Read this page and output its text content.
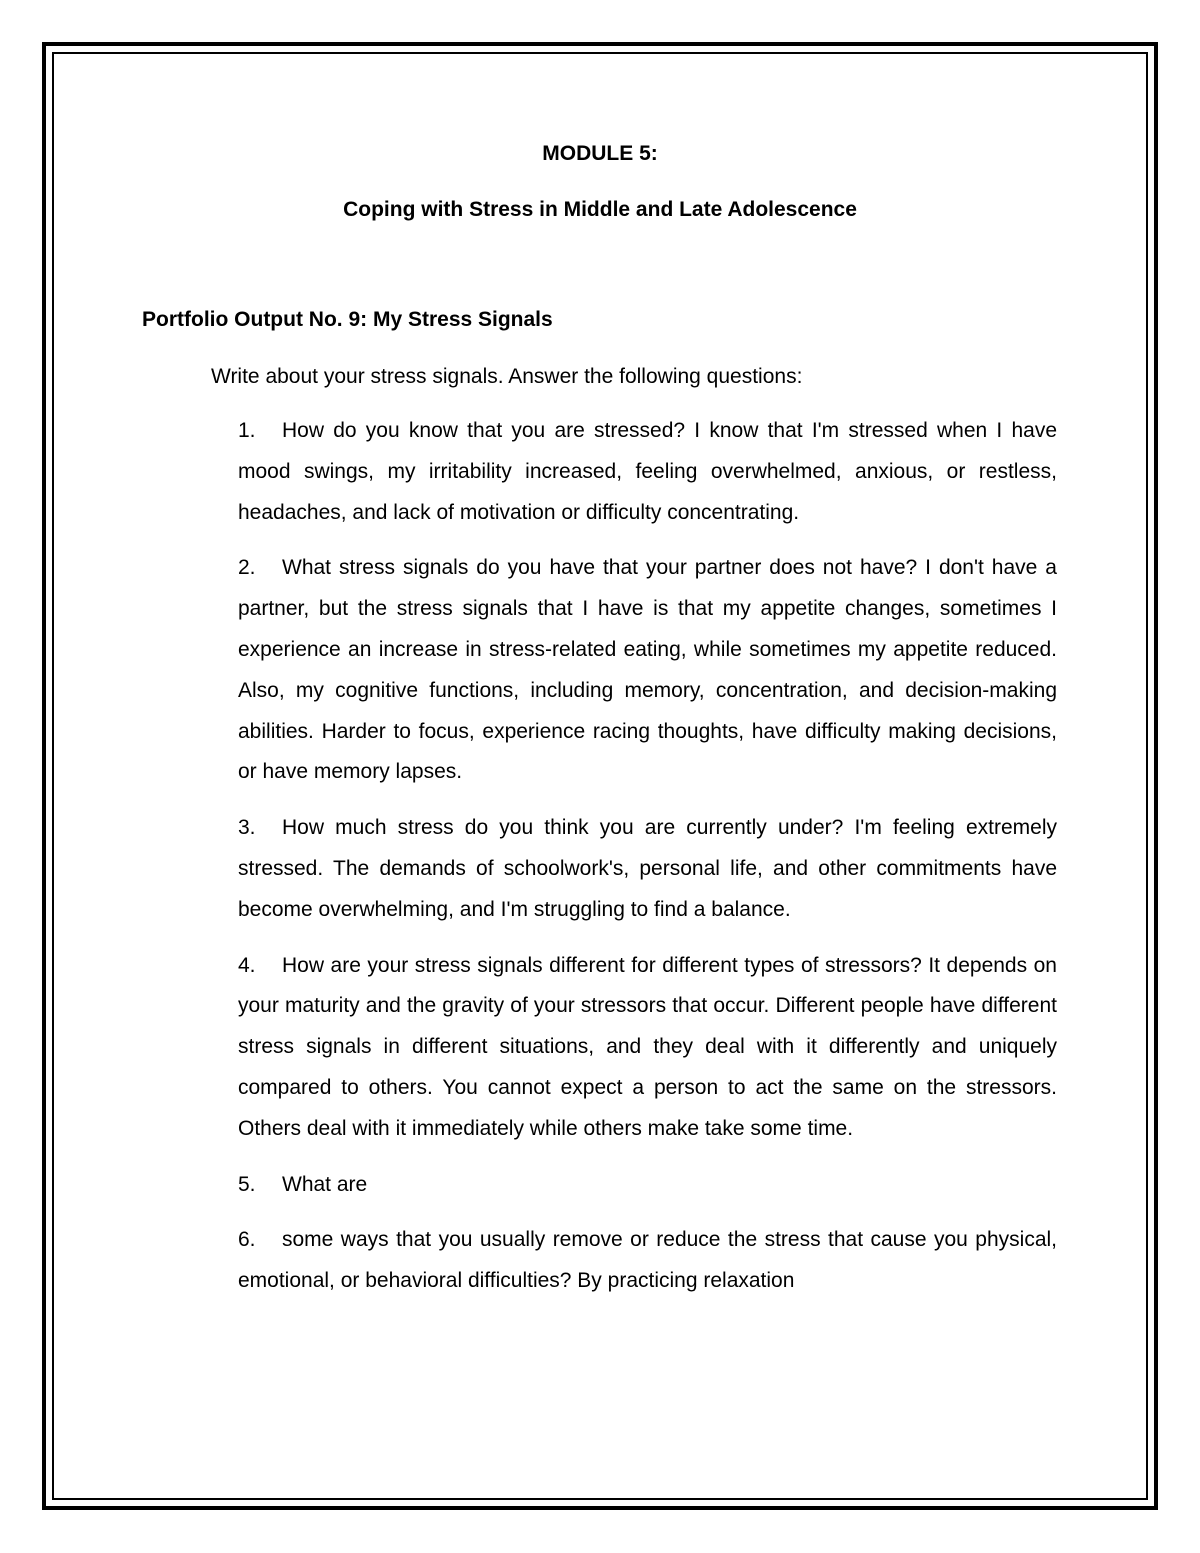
MODULE 5:
Coping with Stress in Middle and Late Adolescence
Portfolio Output No. 9: My Stress Signals

Write about your stress signals. Answer the following questions:

1. How do you know that you are stressed? I know that I'm stressed when I have mood swings, my irritability increased, feeling overwhelmed, anxious, or restless, headaches, and lack of motivation or difficulty concentrating.
2. What stress signals do you have that your partner does not have? I don't have a partner, but the stress signals that I have is that my appetite changes, sometimes I experience an increase in stress-related eating, while sometimes my appetite reduced. Also, my cognitive functions, including memory, concentration, and decision-making abilities. Harder to focus, experience racing thoughts, have difficulty making decisions, or have memory lapses.
3. How much stress do you think you are currently under? I'm feeling extremely stressed. The demands of schoolwork's, personal life, and other commitments have become overwhelming, and I'm struggling to find a balance.
4. How are your stress signals different for different types of stressors? It depends on your maturity and the gravity of your stressors that occur. Different people have different stress signals in different situations, and they deal with it differently and uniquely compared to others. You cannot expect a person to act the same on the stressors. Others deal with it immediately while others make take some time.
5. What are
6. some ways that you usually remove or reduce the stress that cause you physical, emotional, or behavioral difficulties? By practicing relaxation
